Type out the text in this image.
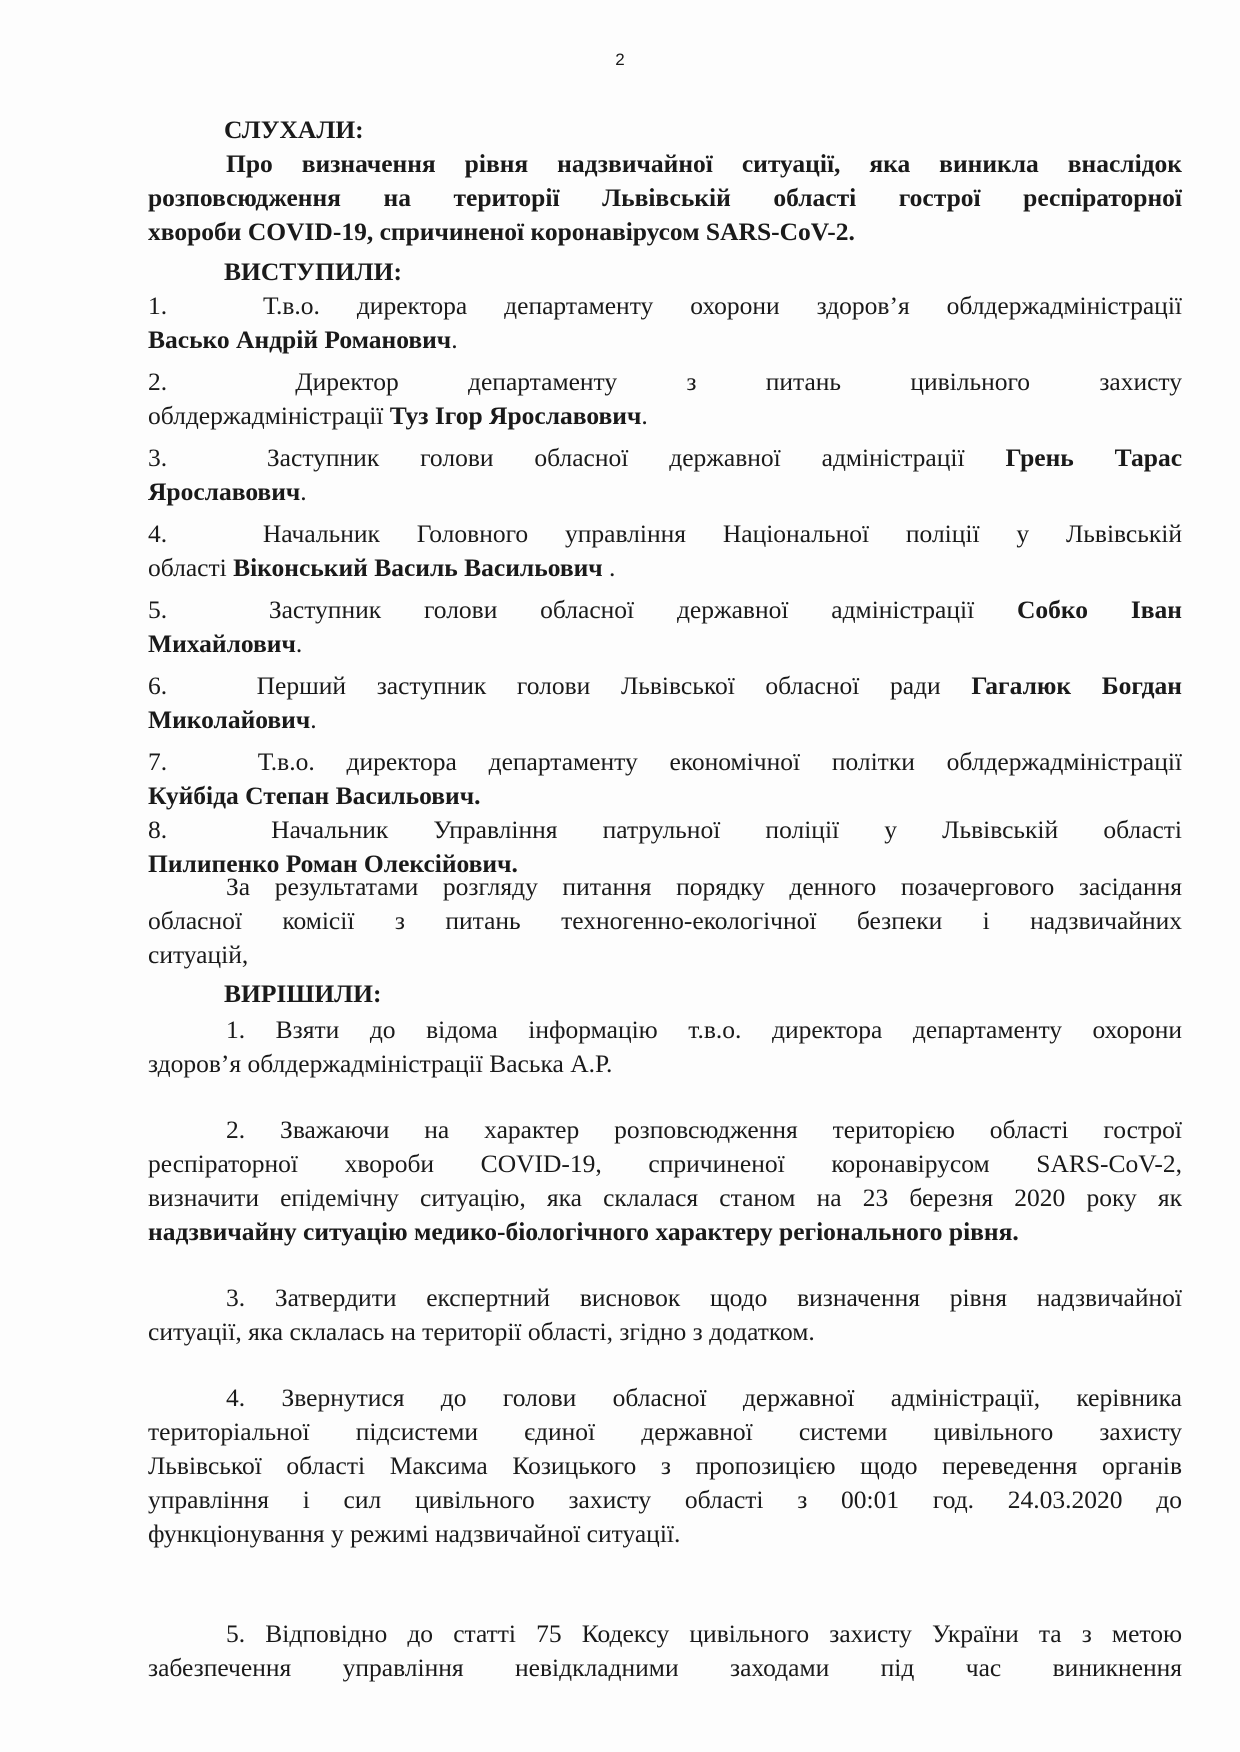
2
СЛУХАЛИ:
Про визначення рівня надзвичайної ситуації, яка виникла внаслідок
розповсюдження на території Львівській області гострої респіраторної
хвороби COVID-19, спричиненої коронавірусом SARS-CoV-2.
ВИСТУПИЛИ:
1.	Т.в.о. директора департаменту охорони здоров’я облдержадміністрації
Васько Андрій Романович.
2.	Директор департаменту з питань цивільного захисту
облдержадміністрації Туз Ігор Ярославович.
3.	Заступник голови обласної державної адміністрації Грень Тарас
Ярославович.
4.	Начальник Головного управління Національної поліції у Львівській
області Віконський Василь Васильович .
5.	Заступник голови обласної державної адміністрації Собко Іван
Михайлович.
6.	Перший заступник голови Львівської обласної ради Гагалюк Богдан
Миколайович.
7.	Т.в.о. директора департаменту економічної політки облдержадміністрації
Куйбіда Степан Васильович.
8.	Начальник Управління патрульної поліції у Львівській області
Пилипенко Роман Олексійович.
За результатами розгляду питання порядку денного позачергового засідання
обласної комісії з питань техногенно-екологічної безпеки і надзвичайних
ситуацій,
ВИРІШИЛИ:
1. Взяти до відома інформацію т.в.о. директора департаменту охорони
здоров’я облдержадміністрації Васька А.Р.
2. Зважаючи на характер розповсюдження територією області гострої
респіраторної хвороби COVID-19, спричиненої коронавірусом SARS-CoV-2,
визначити епідемічну ситуацію, яка склалася станом на 23 березня 2020 року як
надзвичайну ситуацію медико-біологічного характеру регіонального рівня.
3. Затвердити експертний висновок щодо визначення рівня надзвичайної
ситуації, яка склалась на території області, згідно з додатком.
4. Звернутися до голови обласної державної адміністрації, керівника
територіальної підсистеми єдиної державної системи цивільного захисту
Львівської області Максима Козицького з пропозицією щодо переведення органів
управління і сил цивільного захисту області з 00:01 год. 24.03.2020 до
функціонування у режимі надзвичайної ситуації.
5. Відповідно до статті 75 Кодексу цивільного захисту України та з метою
забезпечення управління невідкладними заходами під час виникнення
